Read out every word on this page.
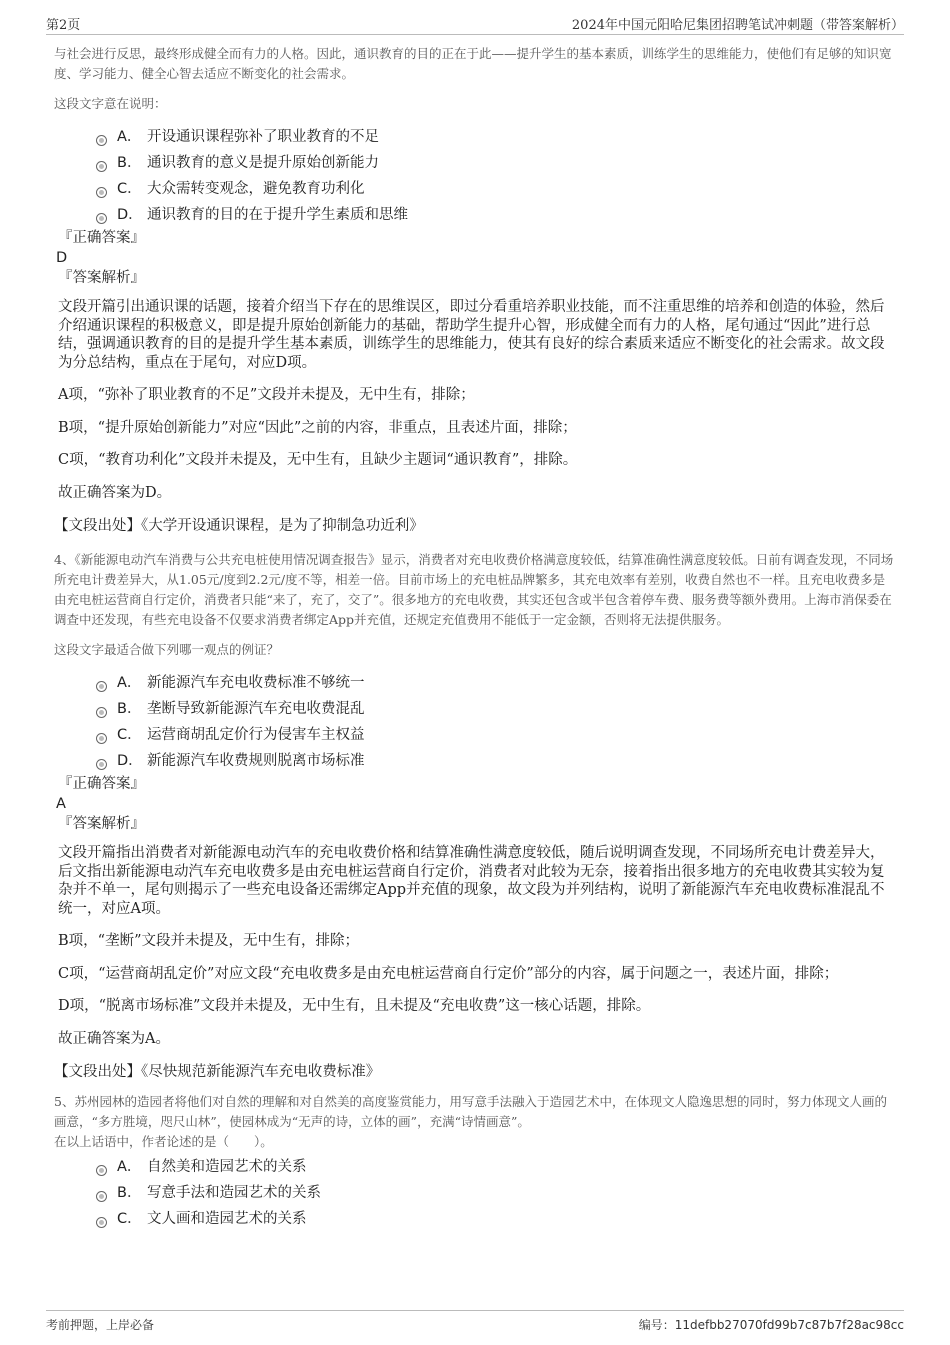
第2页	2024年中国元阳哈尼集团招聘笔试冲刺题（带答案解析）

与社会进行反思，最终形成健全而有力的人格。因此，通识教育的目的正在于此——提升学生的基本素质，训练学生的思维能力，使他们有足够的知识宽度、学习能力、健全心智去适应不断变化的社会需求。

这段文字意在说明：

A． 开设通识课程弥补了职业教育的不足
B． 通识教育的意义是提升原始创新能力
C． 大众需转变观念，避免教育功利化
D． 通识教育的目的在于提升学生素质和思维
『正确答案』
D
『答案解析』

文段开篇引出通识课的话题，接着介绍当下存在的思维误区，即过分看重培养职业技能，而不注重思维的培养和创造的体验，然后介绍通识课程的积极意义，即是提升原始创新能力的基础，帮助学生提升心智，形成健全而有力的人格，尾句通过“因此”进行总结，强调通识教育的目的是提升学生基本素质，训练学生的思维能力，使其有良好的综合素质来适应不断变化的社会需求。故文段为分总结构，重点在于尾句，对应D项。

A项，“弥补了职业教育的不足”文段并未提及，无中生有，排除；

B项，“提升原始创新能力”对应“因此”之前的内容，非重点，且表述片面，排除；

C项，“教育功利化”文段并未提及，无中生有，且缺少主题词“通识教育”，排除。

故正确答案为D。

【文段出处】《大学开设通识课程，是为了抑制急功近利》

4、《新能源电动汽车消费与公共充电桩使用情况调查报告》显示，消费者对充电收费价格满意度较低，结算准确性满意度较低。日前有调查发现，不同场所充电计费差异大，从1.05元/度到2.2元/度不等，相差一倍。目前市场上的充电桩品牌繁多，其充电效率有差别，收费自然也不一样。且充电收费多是由充电桩运营商自行定价，消费者只能“来了，充了，交了”。很多地方的充电收费，其实还包含或半包含着停车费、服务费等额外费用。上海市消保委在调查中还发现，有些充电设备不仅要求消费者绑定App并充值，还规定充值费用不能低于一定金额，否则将无法提供服务。

这段文字最适合做下列哪一观点的例证？

A． 新能源汽车充电收费标准不够统一
B． 垄断导致新能源汽车充电收费混乱
C． 运营商胡乱定价行为侵害车主权益
D． 新能源汽车收费规则脱离市场标准
『正确答案』
A
『答案解析』

文段开篇指出消费者对新能源电动汽车的充电收费价格和结算准确性满意度较低，随后说明调查发现，不同场所充电计费差异大，后文指出新能源电动汽车充电收费多是由充电桩运营商自行定价，消费者对此较为无奈，接着指出很多地方的充电收费其实较为复杂并不单一，尾句则揭示了一些充电设备还需绑定App并充值的现象，故文段为并列结构，说明了新能源汽车充电收费标准混乱不统一，对应A项。

B项，“垄断”文段并未提及，无中生有，排除；

C项，“运营商胡乱定价”对应文段“充电收费多是由充电桩运营商自行定价”部分的内容，属于问题之一，表述片面，排除；

D项，“脱离市场标准”文段并未提及，无中生有，且未提及“充电收费”这一核心话题，排除。

故正确答案为A。

【文段出处】《尽快规范新能源汽车充电收费标准》

5、苏州园林的造园者将他们对自然的理解和对自然美的高度鉴赏能力，用写意手法融入于造园艺术中，在体现文人隐逸思想的同时，努力体现文人画的画意，“多方胜境，咫尺山林”，使园林成为“无声的诗，立体的画”，充满“诗情画意”。

在以上话语中，作者论述的是（　　）。

A． 自然美和造园艺术的关系
B． 写意手法和造园艺术的关系
C． 文人画和造园艺术的关系
考前押题，上岸必备	编号：11defbb27070fd99b7c87b7f28ac98cc
